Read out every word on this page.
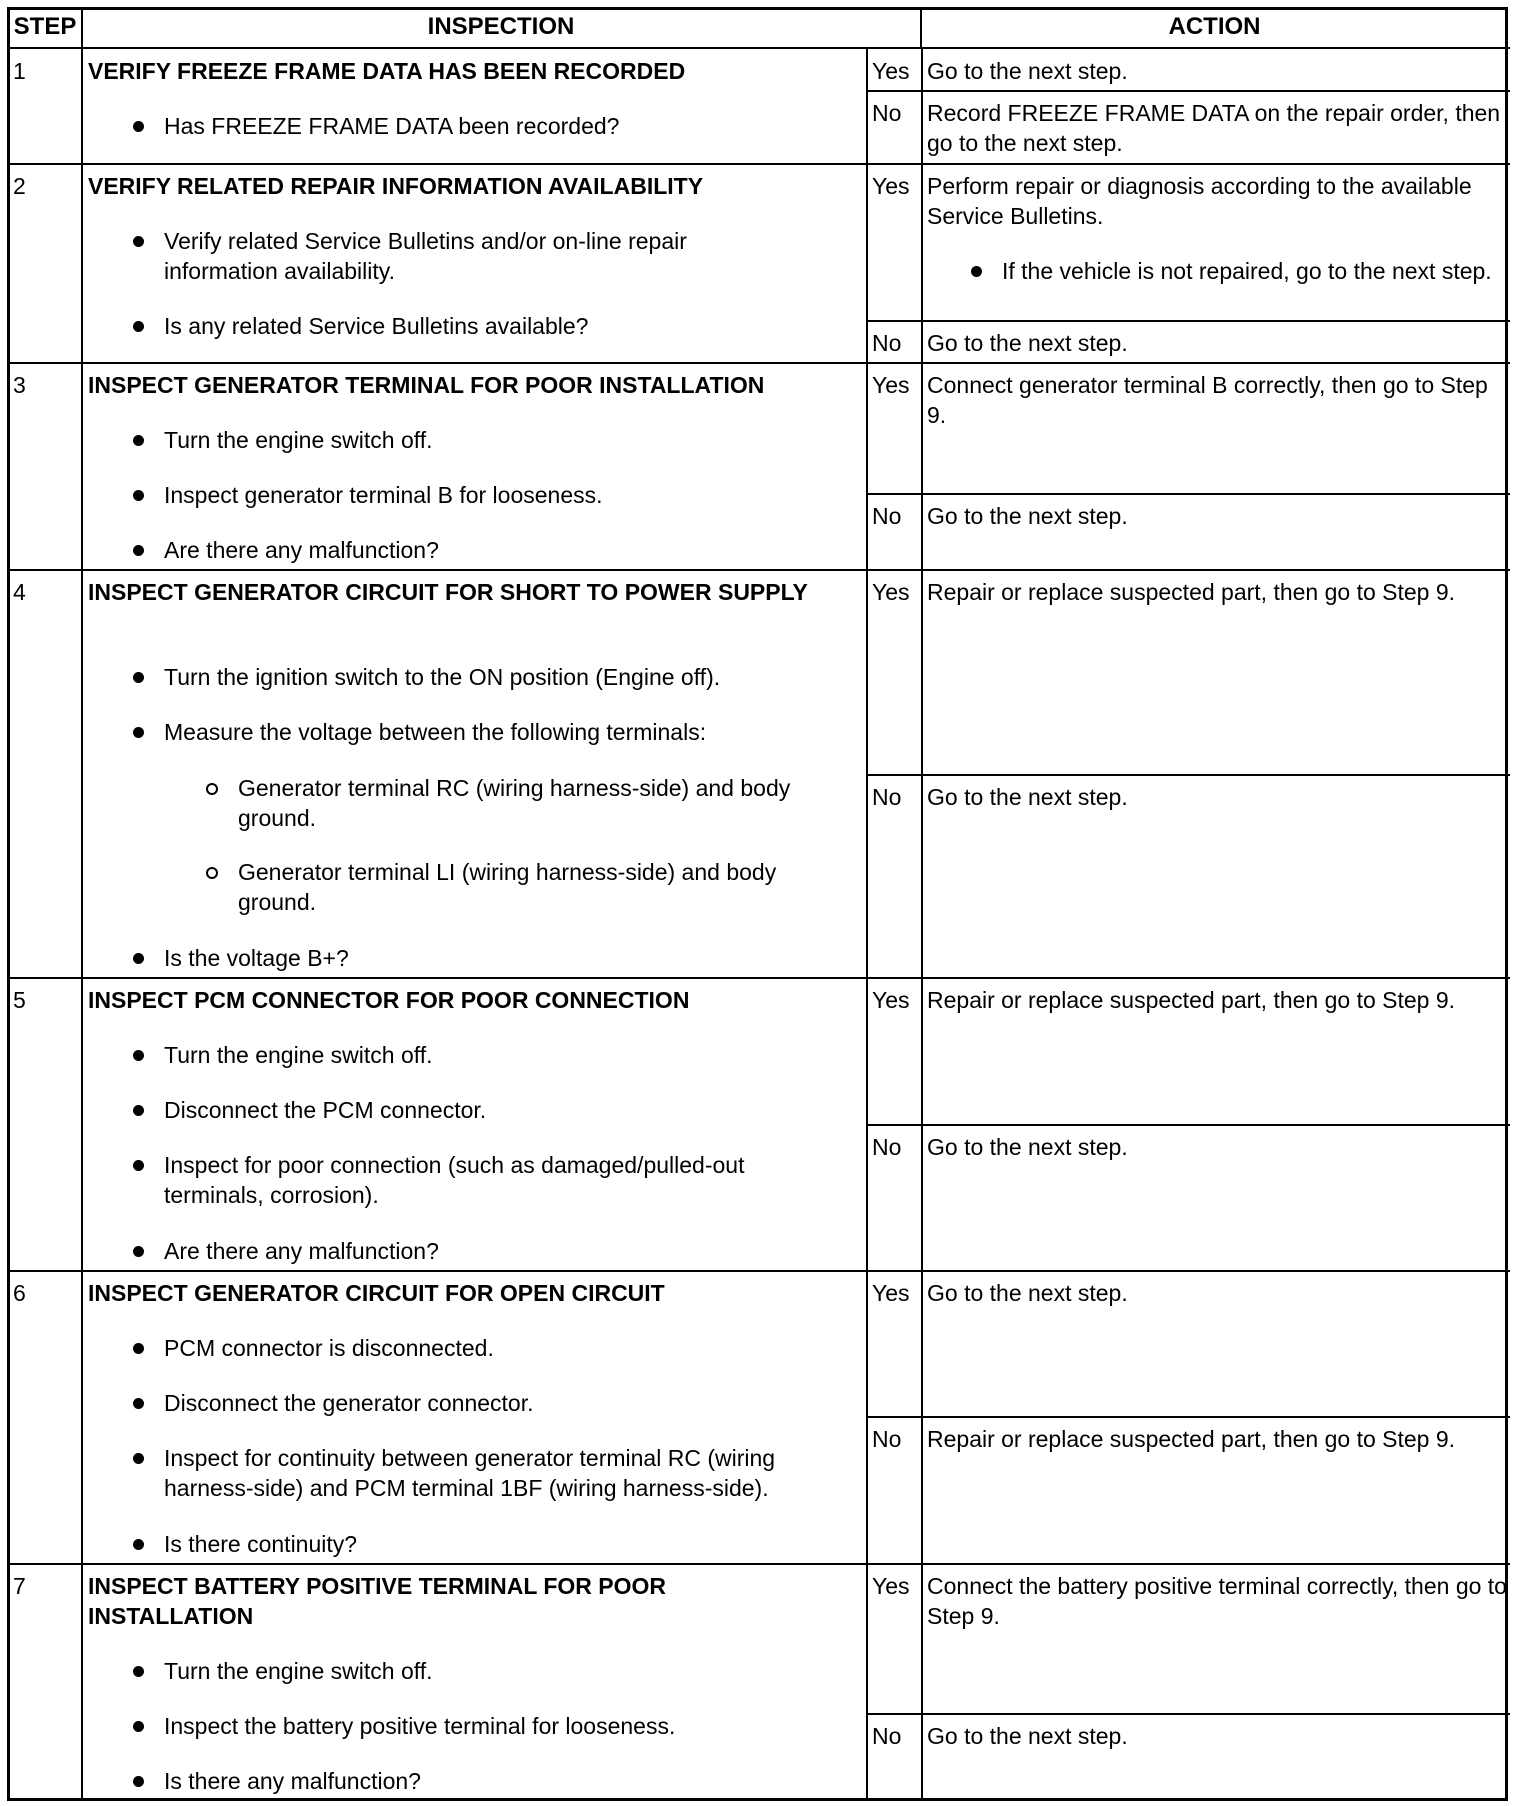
STEP	INSPECTION	ACTION
1	VERIFY FREEZE FRAME DATA HAS BEEN RECORDED
Has FREEZE FRAME DATA been recorded?
Yes Go to the next step.
No Record FREEZE FRAME DATA on the repair order, then go to the next step.
2	VERIFY RELATED REPAIR INFORMATION AVAILABILITY
Verify related Service Bulletins and/or on-line repair information availability.
Is any related Service Bulletins available?
Yes Perform repair or diagnosis according to the available Service Bulletins.
If the vehicle is not repaired, go to the next step.
No Go to the next step.
3	INSPECT GENERATOR TERMINAL FOR POOR INSTALLATION
Turn the engine switch off.
Inspect generator terminal B for looseness.
Are there any malfunction?
Yes Connect generator terminal B correctly, then go to Step 9.
No Go to the next step.
4	INSPECT GENERATOR CIRCUIT FOR SHORT TO POWER SUPPLY
Turn the ignition switch to the ON position (Engine off).
Measure the voltage between the following terminals:
Generator terminal RC (wiring harness-side) and body ground.
Generator terminal LI (wiring harness-side) and body ground.
Is the voltage B+?
Yes Repair or replace suspected part, then go to Step 9.
No Go to the next step.
5	INSPECT PCM CONNECTOR FOR POOR CONNECTION
Turn the engine switch off.
Disconnect the PCM connector.
Inspect for poor connection (such as damaged/pulled-out terminals, corrosion).
Are there any malfunction?
Yes Repair or replace suspected part, then go to Step 9.
No Go to the next step.
6	INSPECT GENERATOR CIRCUIT FOR OPEN CIRCUIT
PCM connector is disconnected.
Disconnect the generator connector.
Inspect for continuity between generator terminal RC (wiring harness-side) and PCM terminal 1BF (wiring harness-side).
Is there continuity?
Yes Go to the next step.
No Repair or replace suspected part, then go to Step 9.
7	INSPECT BATTERY POSITIVE TERMINAL FOR POOR INSTALLATION
Turn the engine switch off.
Inspect the battery positive terminal for looseness.
Is there any malfunction?
Yes Connect the battery positive terminal correctly, then go to Step 9.
No Go to the next step.
